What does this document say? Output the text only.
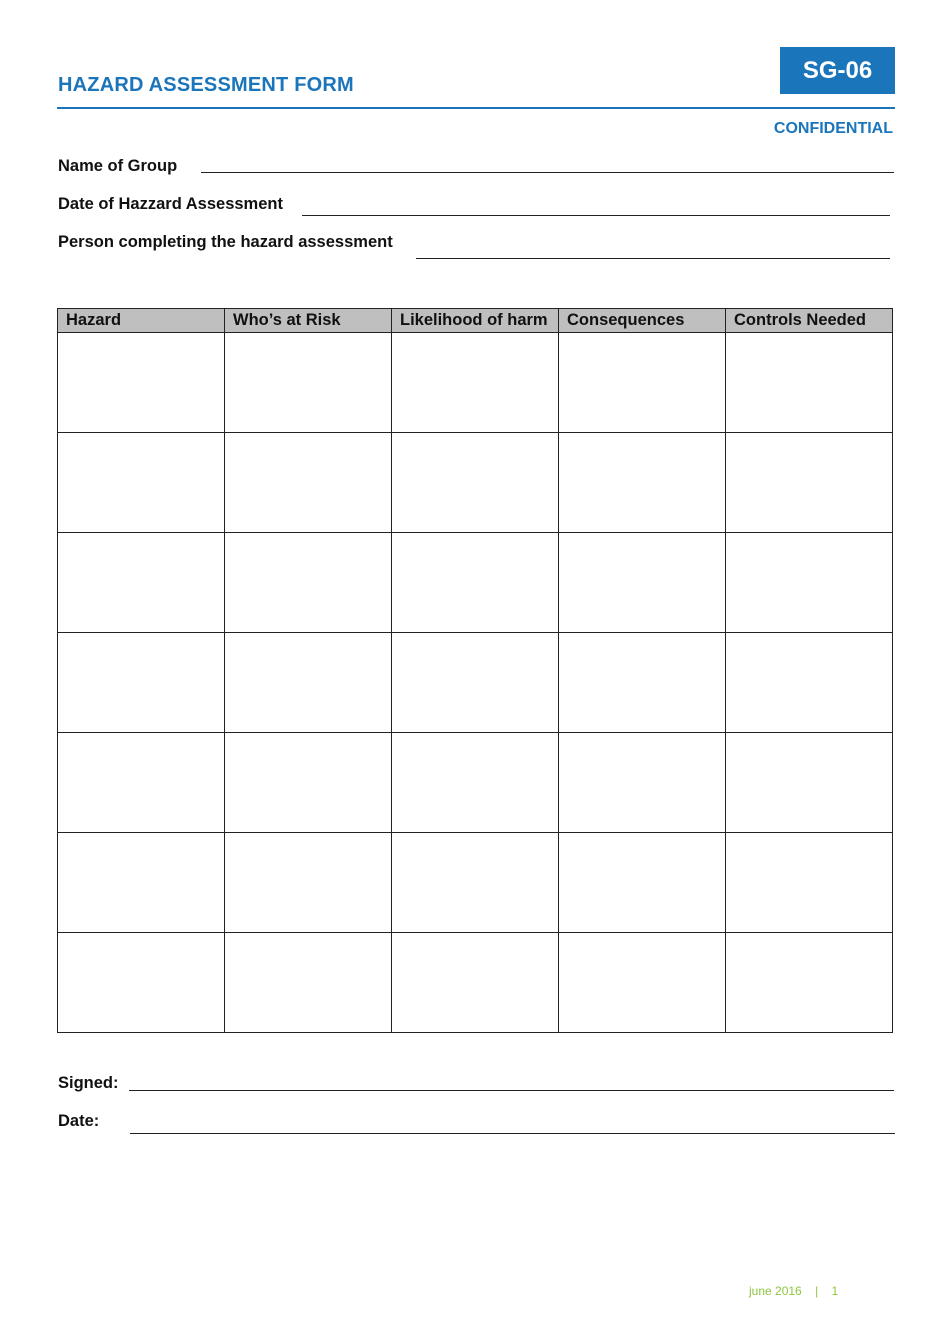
HAZARD ASSESSMENT FORM
SG-06
CONFIDENTIAL
Name of Group
Date of Hazzard Assessment
Person completing the hazard assessment
Hazard	Who’s at Risk	Likelihood of harm	Consequences	Controls Needed

Signed:
Date:
june 2016 | 1
